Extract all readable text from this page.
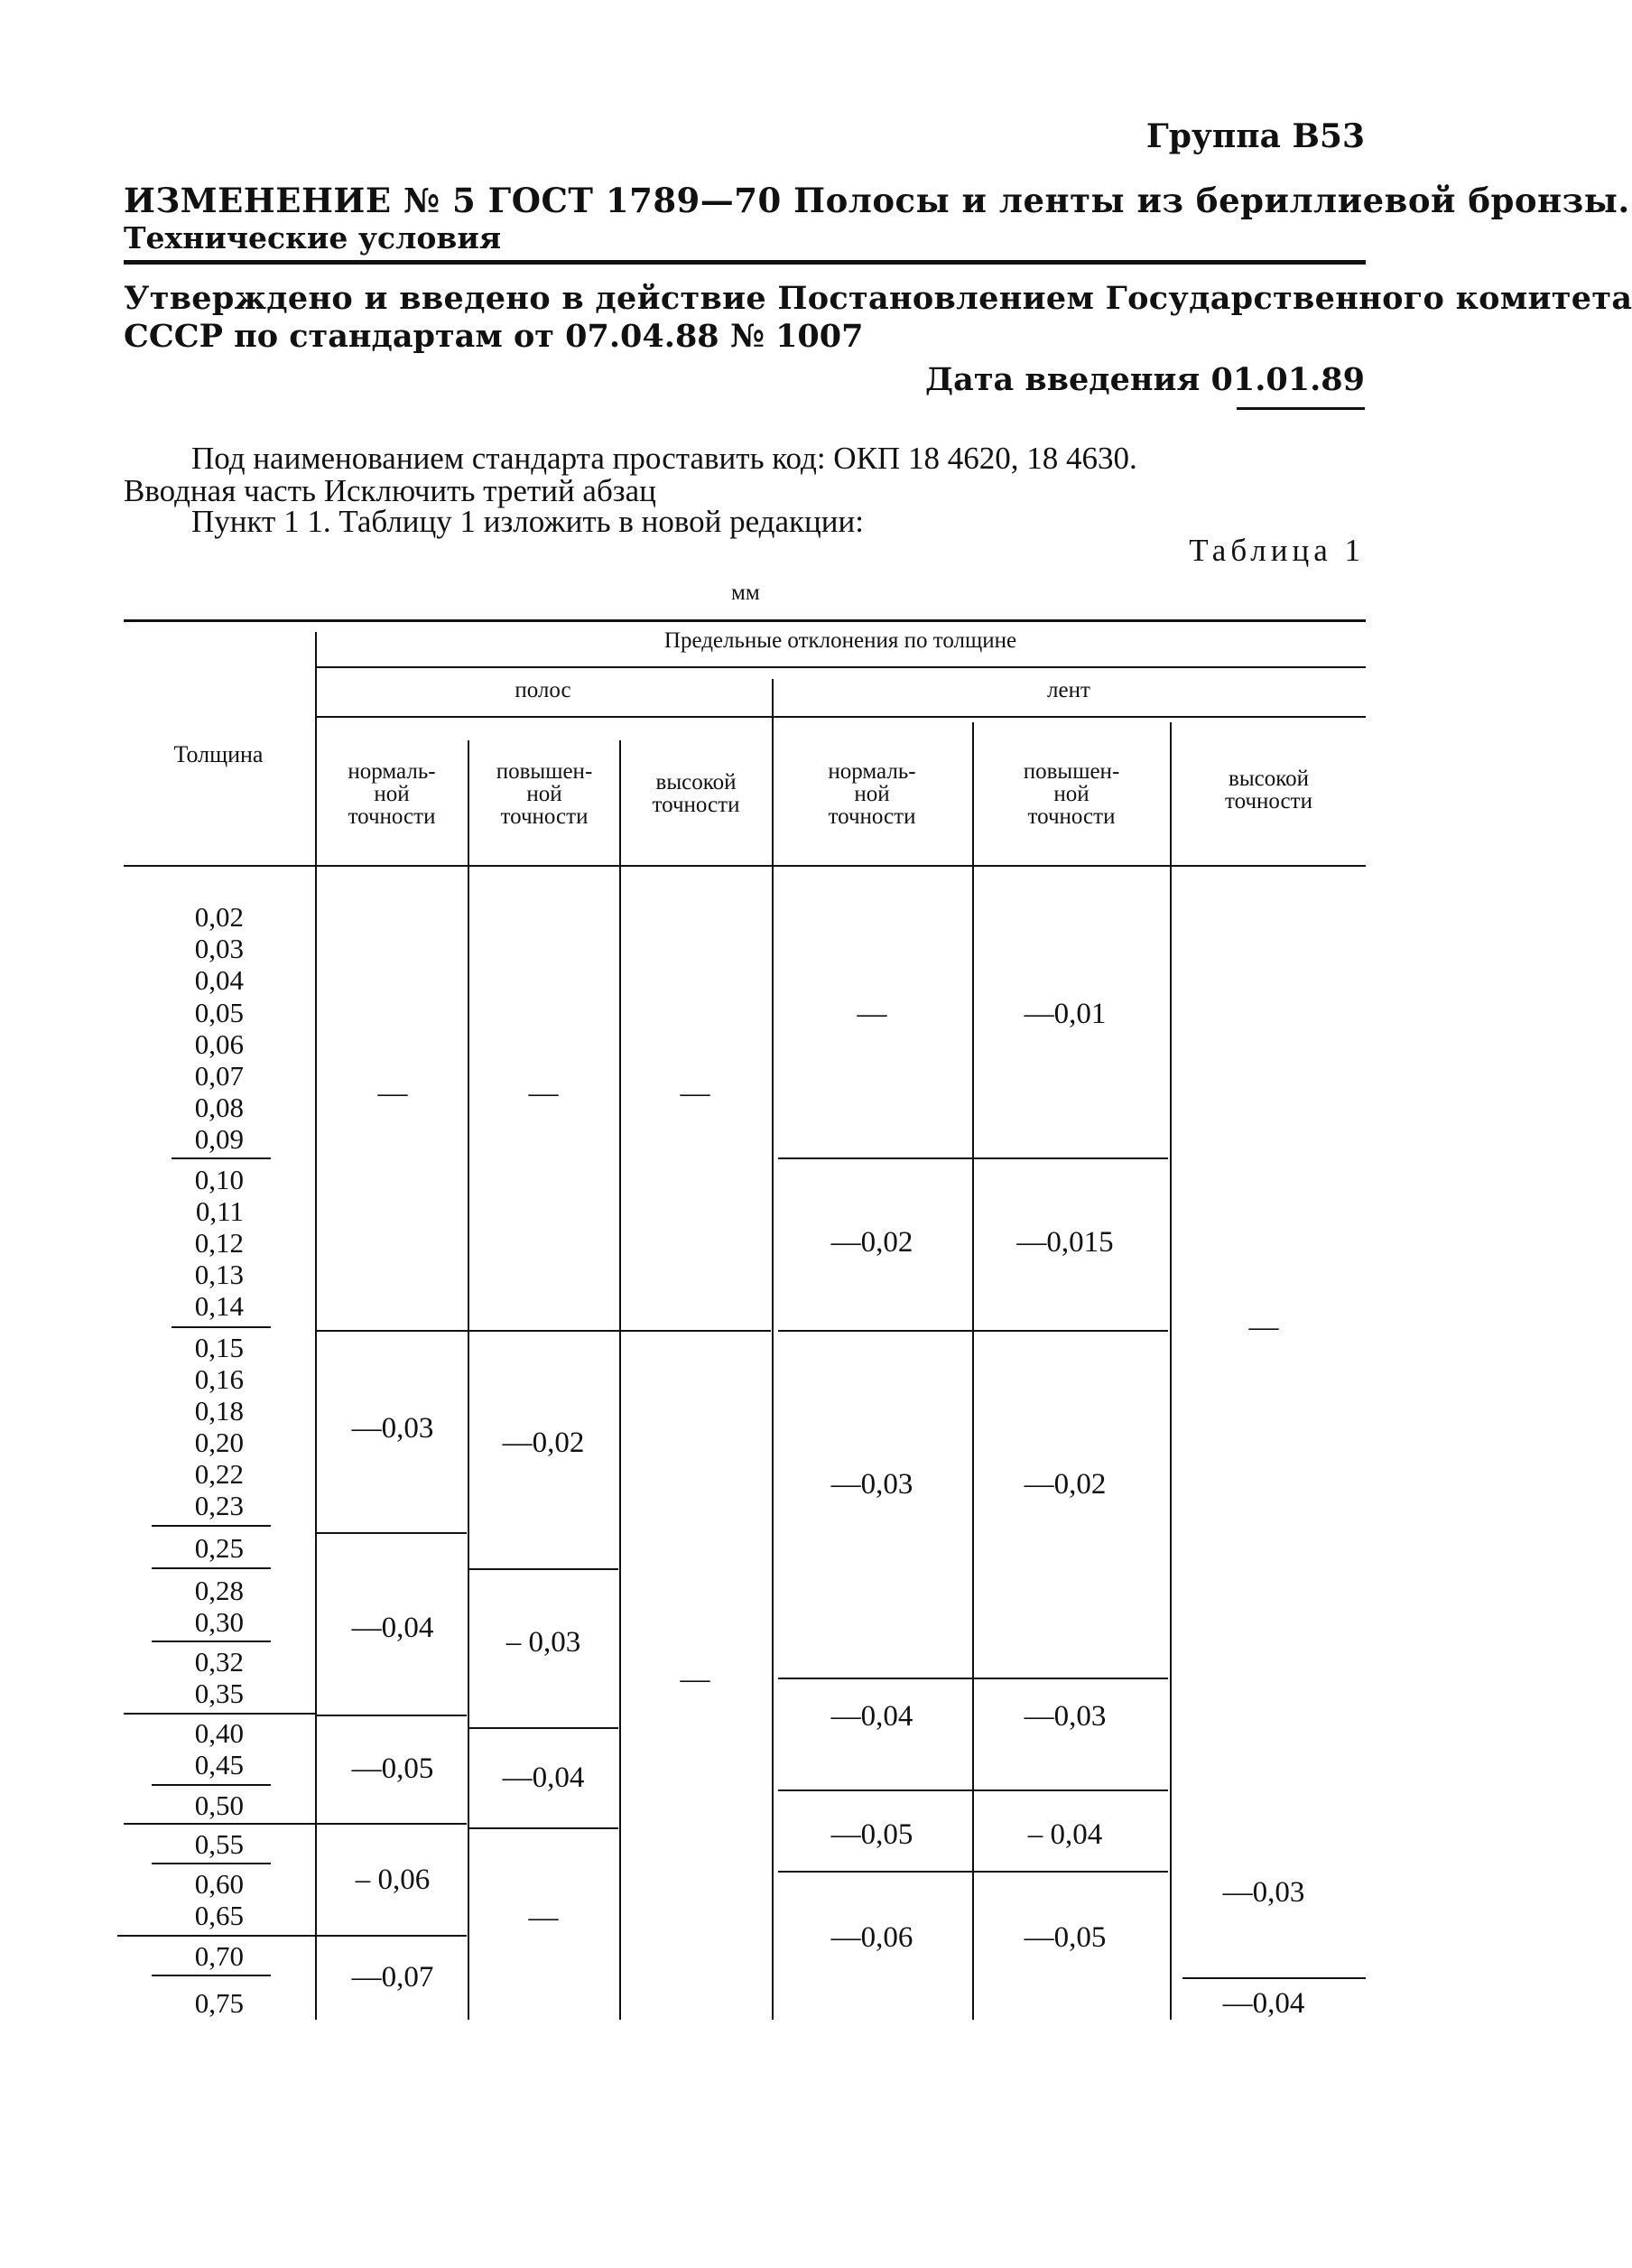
Группа В53
ИЗМЕНЕНИЕ № 5 ГОСТ 1789—70 Полосы и ленты из бериллиевой бронзы.
Технические условия
Утверждено и введено в действие Постановлением Государственного комитета
СССР по стандартам от 07.04.88 № 1007
Дата введения 01.01.89
Под наименованием стандарта проставить код: ОКП 18 4620, 18 4630.
Вводная часть Исключить третий абзац
Пункт 1 1. Таблицу 1 изложить в новой редакции:
Таблица 1
мм
Предельные отклонения по толщине
полос	лент
Толщина
нормаль-
ной
точности
повышен-
ной
точности
высокой
точности
нормаль-
ной
точности
повышен-
ной
точности
высокой
точности
0,02
0,03
0,04
0,05
0,06
0,07
0,08
0,09
0,10
0,11
0,12
0,13
0,14
0,15
0,16
0,18
0,20
0,22
0,23
0,25
0,28
0,30
0,32
0,35
0,40
0,45
0,50
0,55
0,60
0,65
0,70
0,75
—
—0,03
—0,04
—0,05
– 0,06
—0,07
—
—0,02
– 0,03
—0,04
—
—
—
—
—0,02
—0,03
—0,04
—0,05
—0,06
—0,01
—0,015
—0,02
—0,03
– 0,04
—0,05
—
—0,03
—0,04
